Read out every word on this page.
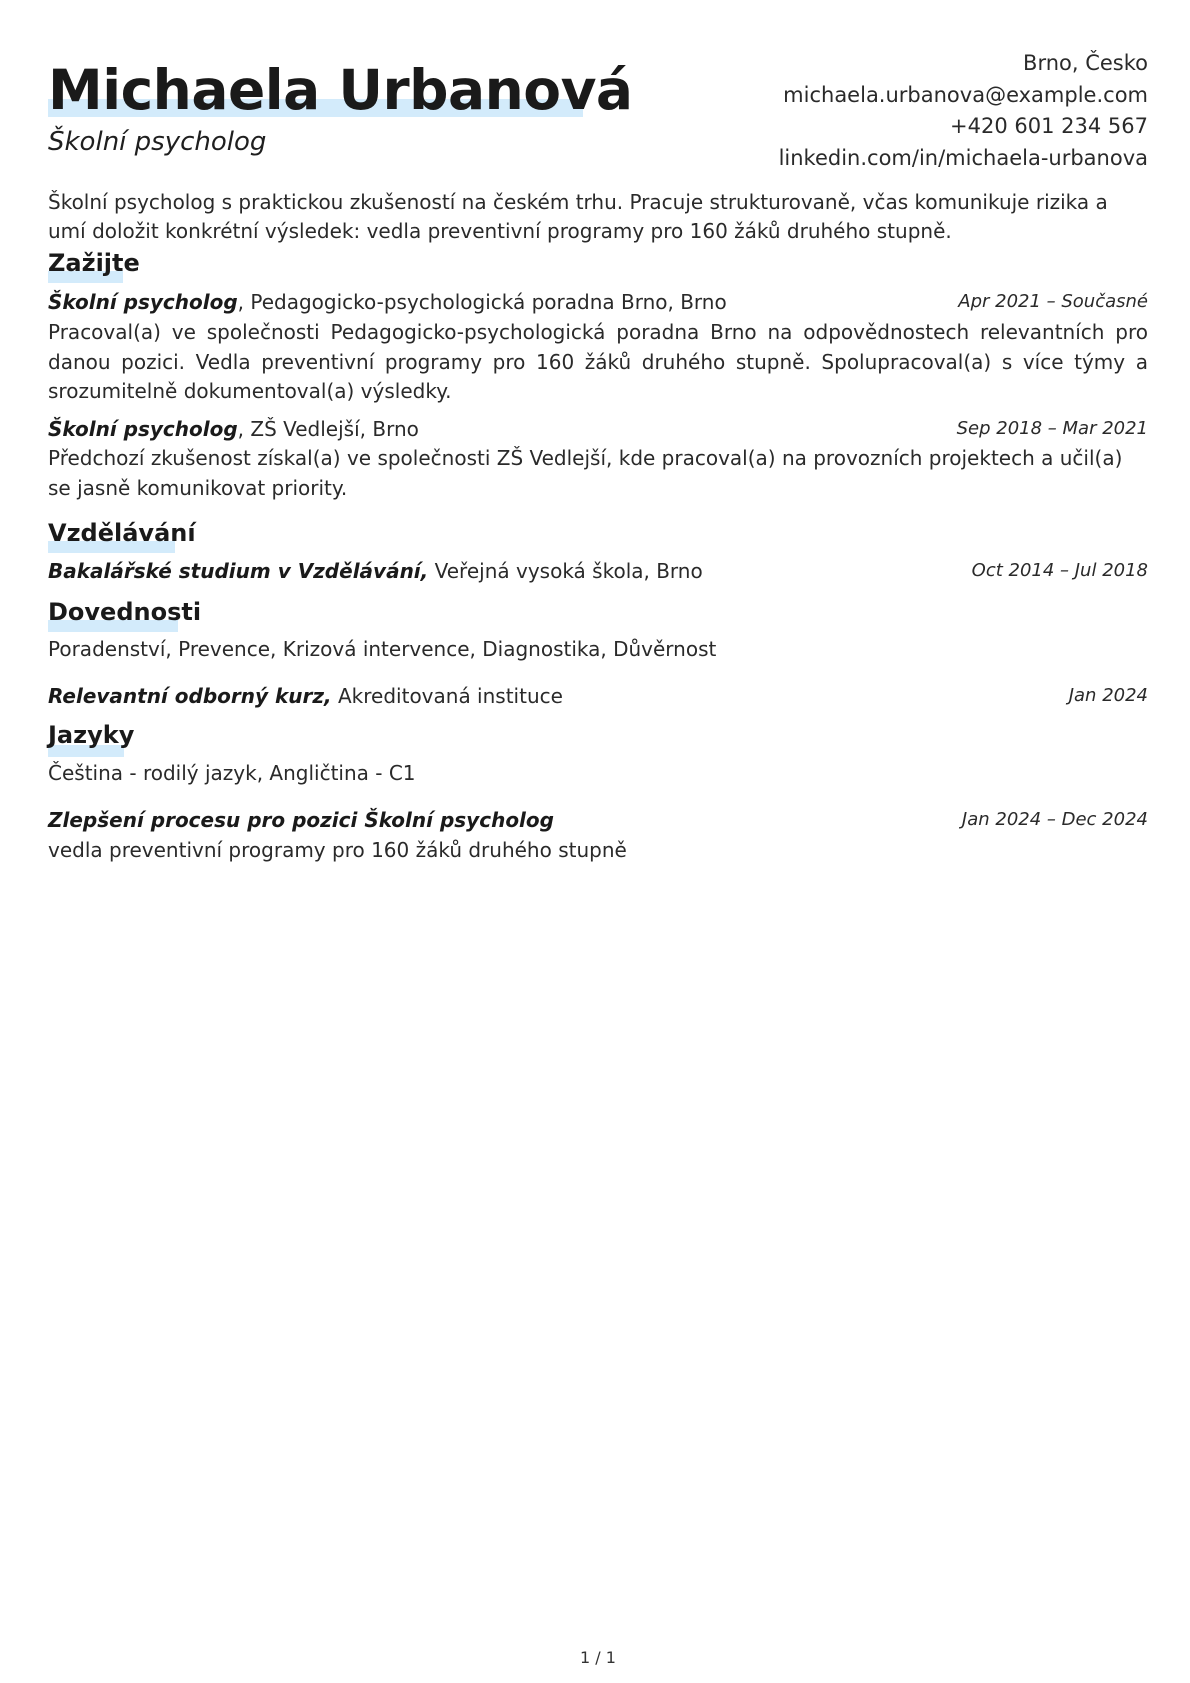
Michaela Urbanová

Školní psycholog

Brno, Česko
michaela.urbanova@example.com
+420 601 234 567
linkedin.com/in/michaela-urbanova

Školní psycholog s praktickou zkušeností na českém trhu. Pracuje strukturovaně, včas komunikuje rizika a umí doložit konkrétní výsledek: vedla preventivní programy pro 160 žáků druhého stupně.

Zažijte
Školní psycholog, Pedagogicko-psychologická poradna Brno, Brno	Apr 2021 – Současné

Pracoval(a) ve společnosti Pedagogicko-psychologická poradna Brno na odpovědnostech relevantních pro danou pozici. Vedla preventivní programy pro 160 žáků druhého stupně. Spolupracoval(a) s více týmy a srozumitelně dokumentoval(a) výsledky.

Školní psycholog, ZŠ Vedlejší, Brno	Sep 2018 – Mar 2021

Předchozí zkušenost získal(a) ve společnosti ZŠ Vedlejší, kde pracoval(a) na provozních projektech a učil(a) se jasně komunikovat priority.

Vzdělávání
Bakalářské studium v Vzdělávání, Veřejná vysoká škola, Brno	Oct 2014 – Jul 2018
Dovednosti

Poradenství, Prevence, Krizová intervence, Diagnostika, Důvěrnost

Relevantní odborný kurz, Akreditovaná instituce	Jan 2024
Jazyky

Čeština - rodilý jazyk, Angličtina - C1

Zlepšení procesu pro pozici Školní psycholog	Jan 2024 – Dec 2024

vedla preventivní programy pro 160 žáků druhého stupně

1 / 1
